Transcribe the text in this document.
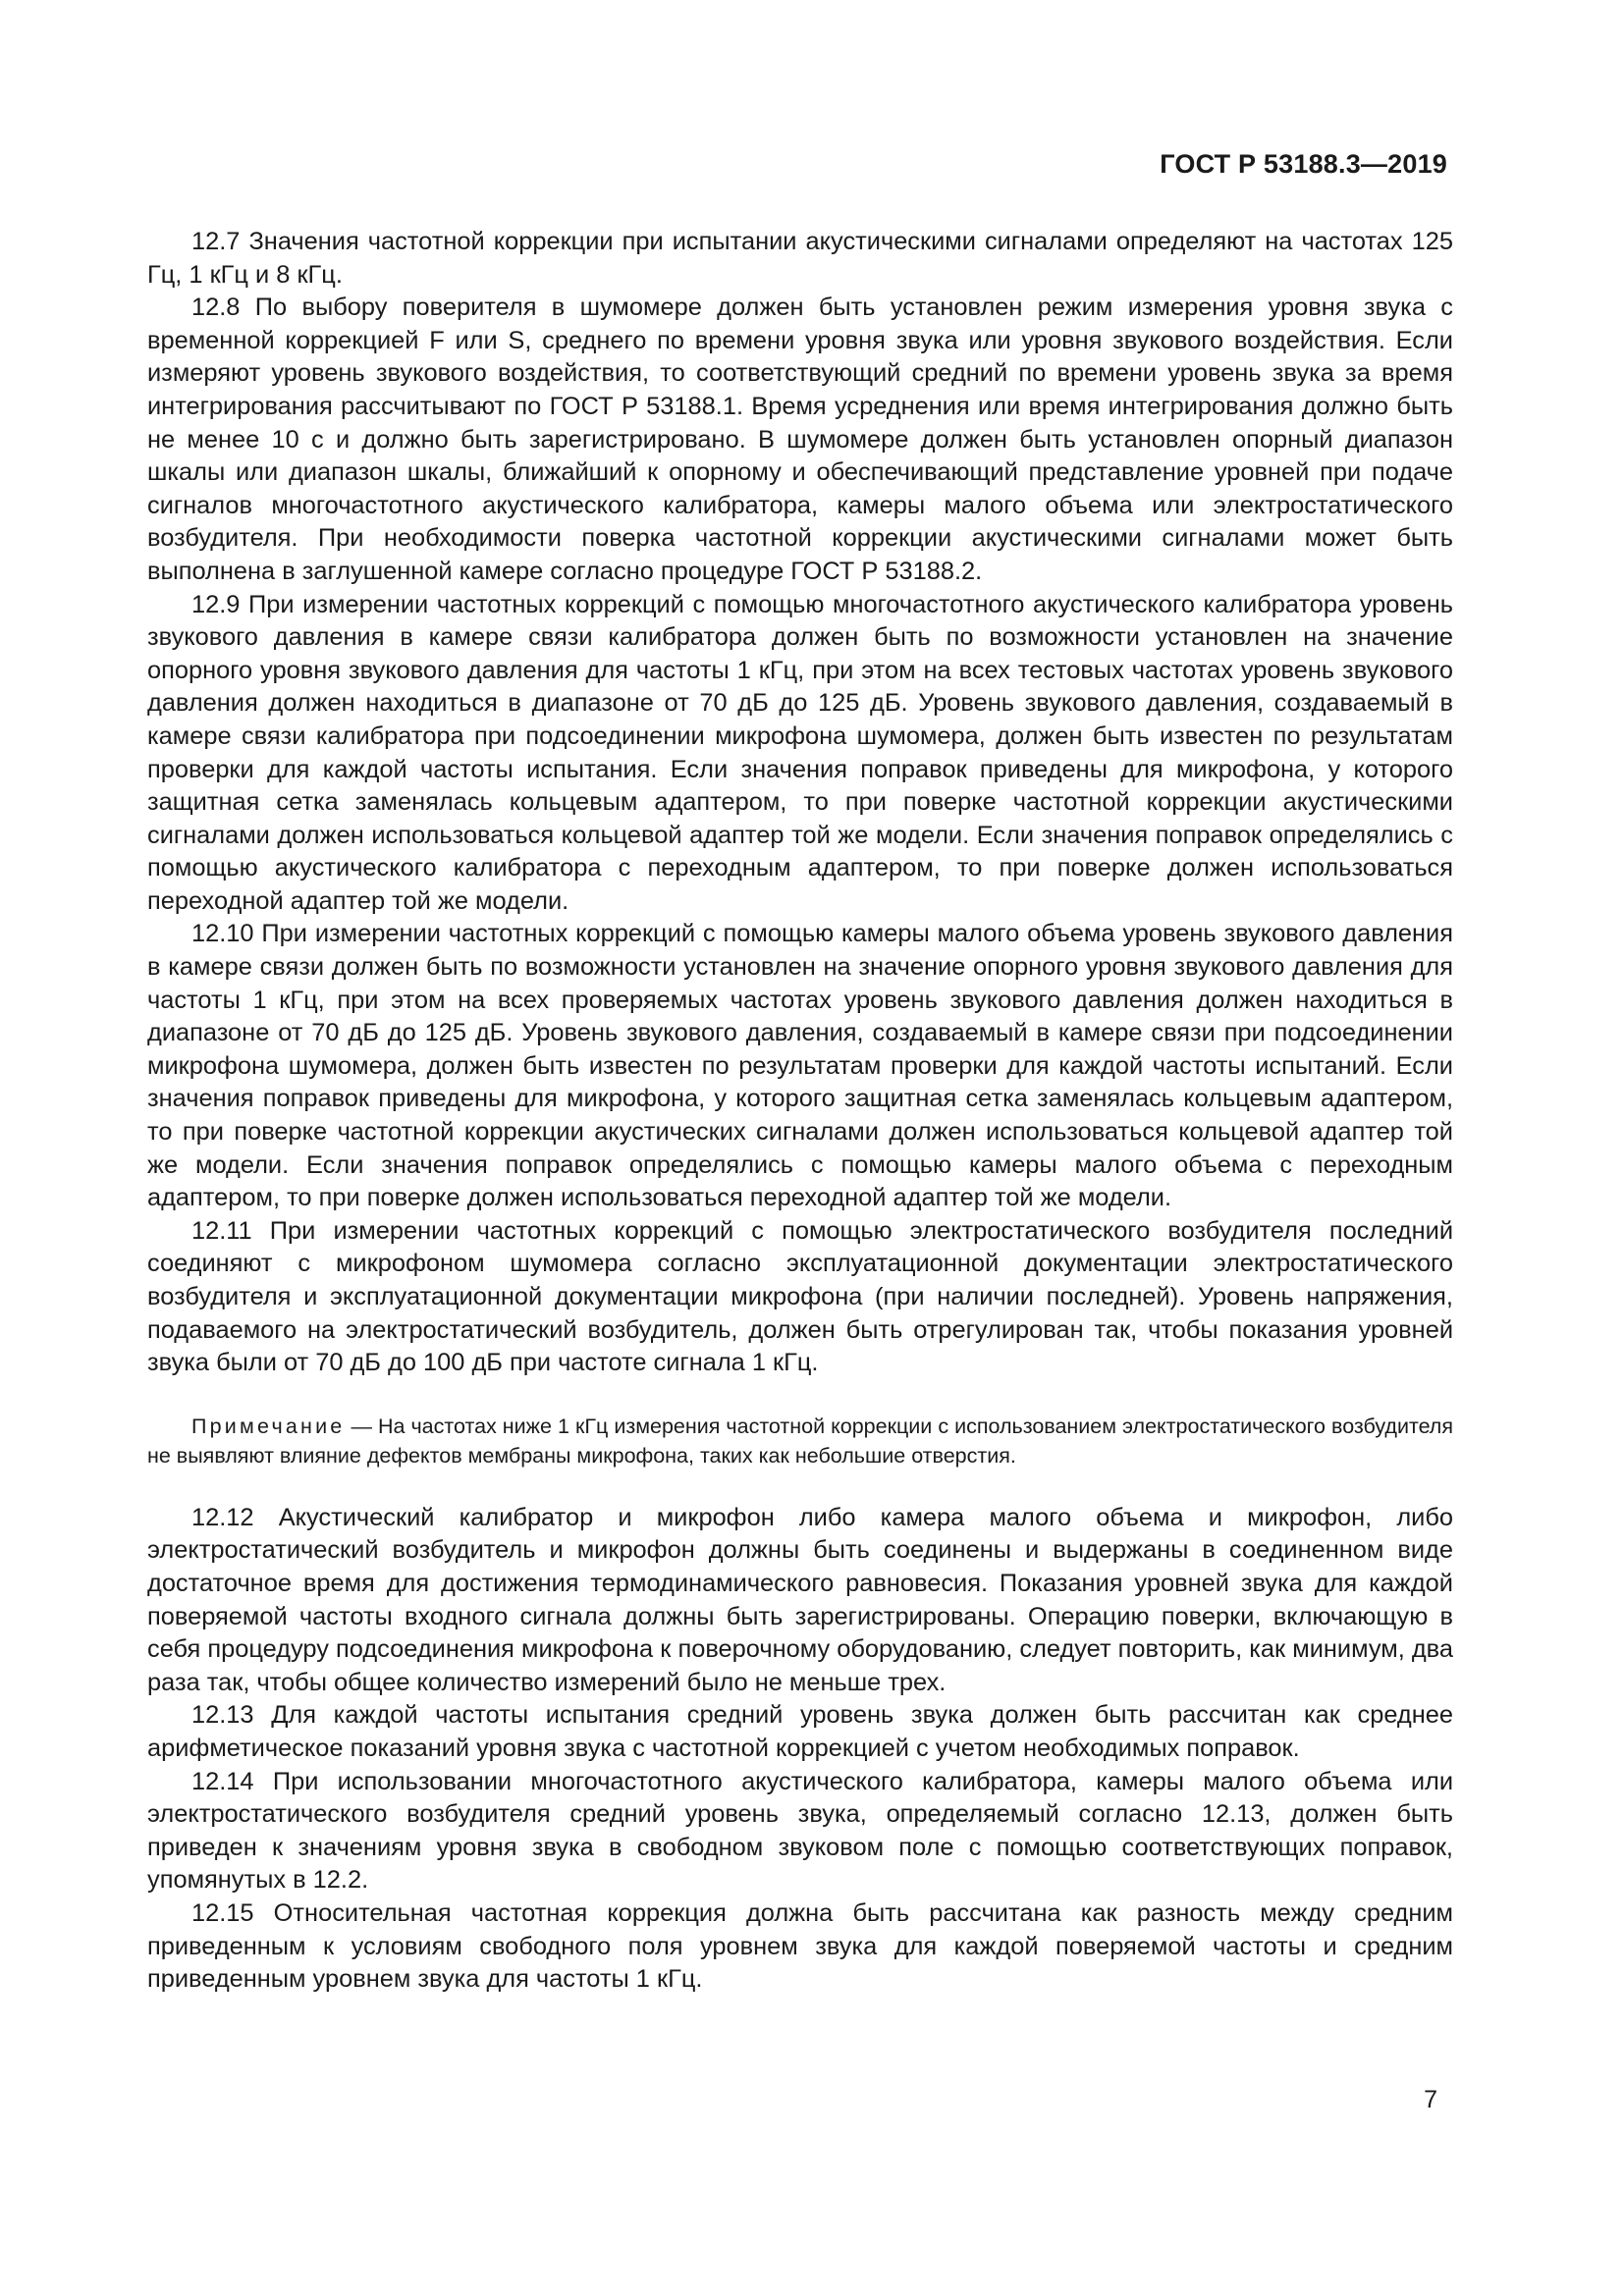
ГОСТ Р 53188.3—2019

12.7 Значения частотной коррекции при испытании акустическими сигналами определяют на частотах 125 Гц, 1 кГц и 8 кГц.

12.8 По выбору поверителя в шумомере должен быть установлен режим измерения уровня звука с временной коррекцией F или S, среднего по времени уровня звука или уровня звукового воздействия. Если измеряют уровень звукового воздействия, то соответствующий средний по времени уровень звука за время интегрирования рассчитывают по ГОСТ Р 53188.1. Время усреднения или время интегрирования должно быть не менее 10 с и должно быть зарегистрировано. В шумомере должен быть установлен опорный диапазон шкалы или диапазон шкалы, ближайший к опорному и обеспечивающий представление уровней при подаче сигналов многочастотного акустического калибратора, камеры малого объема или электростатического возбудителя. При необходимости поверка частотной коррекции акустическими сигналами может быть выполнена в заглушенной камере согласно процедуре ГОСТ Р 53188.2.

12.9 При измерении частотных коррекций с помощью многочастотного акустического калибратора уровень звукового давления в камере связи калибратора должен быть по возможности установлен на значение опорного уровня звукового давления для частоты 1 кГц, при этом на всех тестовых частотах уровень звукового давления должен находиться в диапазоне от 70 дБ до 125 дБ. Уровень звукового давления, создаваемый в камере связи калибратора при подсоединении микрофона шумомера, должен быть известен по результатам проверки для каждой частоты испытания. Если значения поправок приведены для микрофона, у которого защитная сетка заменялась кольцевым адаптером, то при поверке частотной коррекции акустическими сигналами должен использоваться кольцевой адаптер той же модели. Если значения поправок определялись с помощью акустического калибратора с переходным адаптером, то при поверке должен использоваться переходной адаптер той же модели.

12.10 При измерении частотных коррекций с помощью камеры малого объема уровень звукового давления в камере связи должен быть по возможности установлен на значение опорного уровня звукового давления для частоты 1 кГц, при этом на всех проверяемых частотах уровень звукового давления должен находиться в диапазоне от 70 дБ до 125 дБ. Уровень звукового давления, создаваемый в камере связи при подсоединении микрофона шумомера, должен быть известен по результатам проверки для каждой частоты испытаний. Если значения поправок приведены для микрофона, у которого защитная сетка заменялась кольцевым адаптером, то при поверке частотной коррекции акустических сигналами должен использоваться кольцевой адаптер той же модели. Если значения поправок определялись с помощью камеры малого объема с переходным адаптером, то при поверке должен использоваться переходной адаптер той же модели.

12.11 При измерении частотных коррекций с помощью электростатического возбудителя последний соединяют с микрофоном шумомера согласно эксплуатационной документации электростатического возбудителя и эксплуатационной документации микрофона (при наличии последней). Уровень напряжения, подаваемого на электростатический возбудитель, должен быть отрегулирован так, чтобы показания уровней звука были от 70 дБ до 100 дБ при частоте сигнала 1 кГц.

Примечание — На частотах ниже 1 кГц измерения частотной коррекции с использованием электростатического возбудителя не выявляют влияние дефектов мембраны микрофона, таких как небольшие отверстия.

12.12 Акустический калибратор и микрофон либо камера малого объема и микрофон, либо электростатический возбудитель и микрофон должны быть соединены и выдержаны в соединенном виде достаточное время для достижения термодинамического равновесия. Показания уровней звука для каждой поверяемой частоты входного сигнала должны быть зарегистрированы. Операцию поверки, включающую в себя процедуру подсоединения микрофона к поверочному оборудованию, следует повторить, как минимум, два раза так, чтобы общее количество измерений было не меньше трех.

12.13 Для каждой частоты испытания средний уровень звука должен быть рассчитан как среднее арифметическое показаний уровня звука с частотной коррекцией с учетом необходимых поправок.

12.14 При использовании многочастотного акустического калибратора, камеры малого объема или электростатического возбудителя средний уровень звука, определяемый согласно 12.13, должен быть приведен к значениям уровня звука в свободном звуковом поле с помощью соответствующих поправок, упомянутых в 12.2.

12.15 Относительная частотная коррекция должна быть рассчитана как разность между средним приведенным к условиям свободного поля уровнем звука для каждой поверяемой частоты и средним приведенным уровнем звука для частоты 1 кГц.

7
